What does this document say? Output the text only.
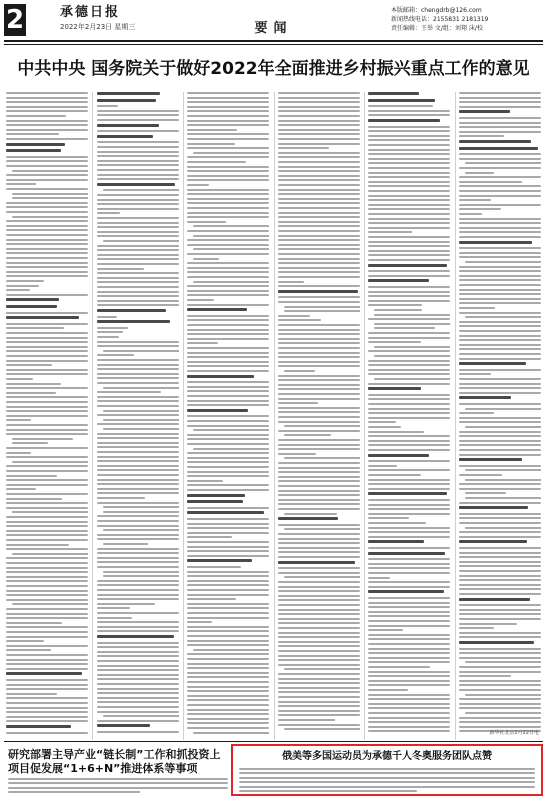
2	承德日报
2022年2月23日 星期三	要闻
本版邮箱：chengdrb@126.com
新闻热线电话：2155831 2181319
责任编辑：王举 文/组：刘翔 沫/校
中共中央 国务院关于做好2022年全面推进乡村振兴重点工作的意见
新华社北京2月22日电
研究部署主导产业“链长制”工作和抓投资上项目促发展“1+6+N”推进体系等事项
俄美等多国运动员为承德千人冬奥服务团队点赞
